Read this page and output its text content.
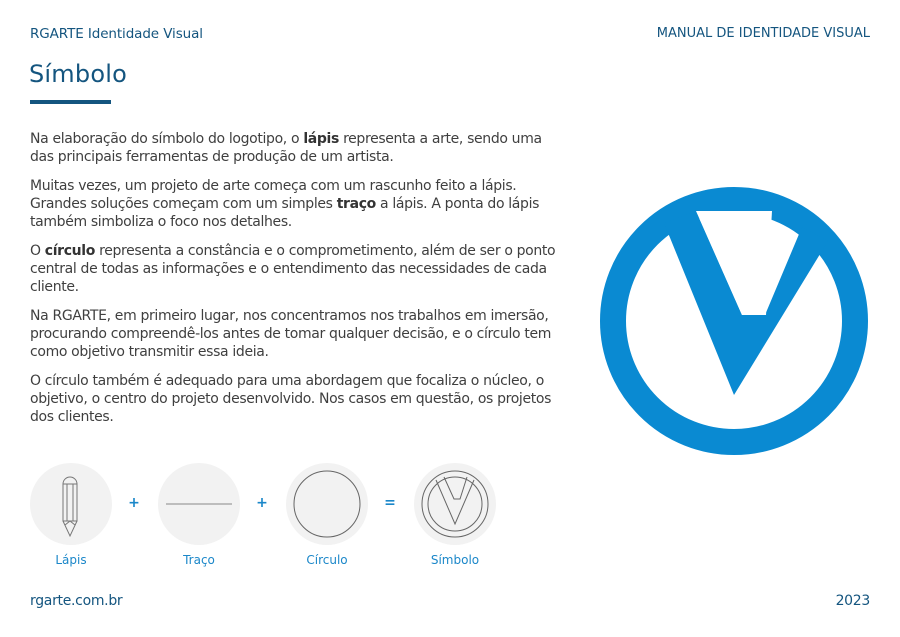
RGARTE Identidade Visual	MANUAL DE IDENTIDADE VISUAL
Símbolo

Na elaboração do símbolo do logotipo, o lápis representa a arte, sendo uma das principais ferramentas de produção de um artista.

Muitas vezes, um projeto de arte começa com um rascunho feito a lápis. Grandes soluções começam com um simples traço a lápis. A ponta do lápis também simboliza o foco nos detalhes.

O círculo representa a constância e o comprometimento, além de ser o ponto central de todas as informações e o entendimento das necessidades de cada cliente.

Na RGARTE, em primeiro lugar, nos concentramos nos trabalhos em imersão, procurando compreendê-los antes de tomar qualquer decisão, e o círculo tem como objetivo transmitir essa ideia.

O círculo também é adequado para uma abordagem que focaliza o núcleo, o objetivo, o centro do projeto desenvolvido. Nos casos em questão, os projetos dos clientes.

Lápis
+
Traço
+
Círculo
=
Símbolo
rgarte.com.br	2023
